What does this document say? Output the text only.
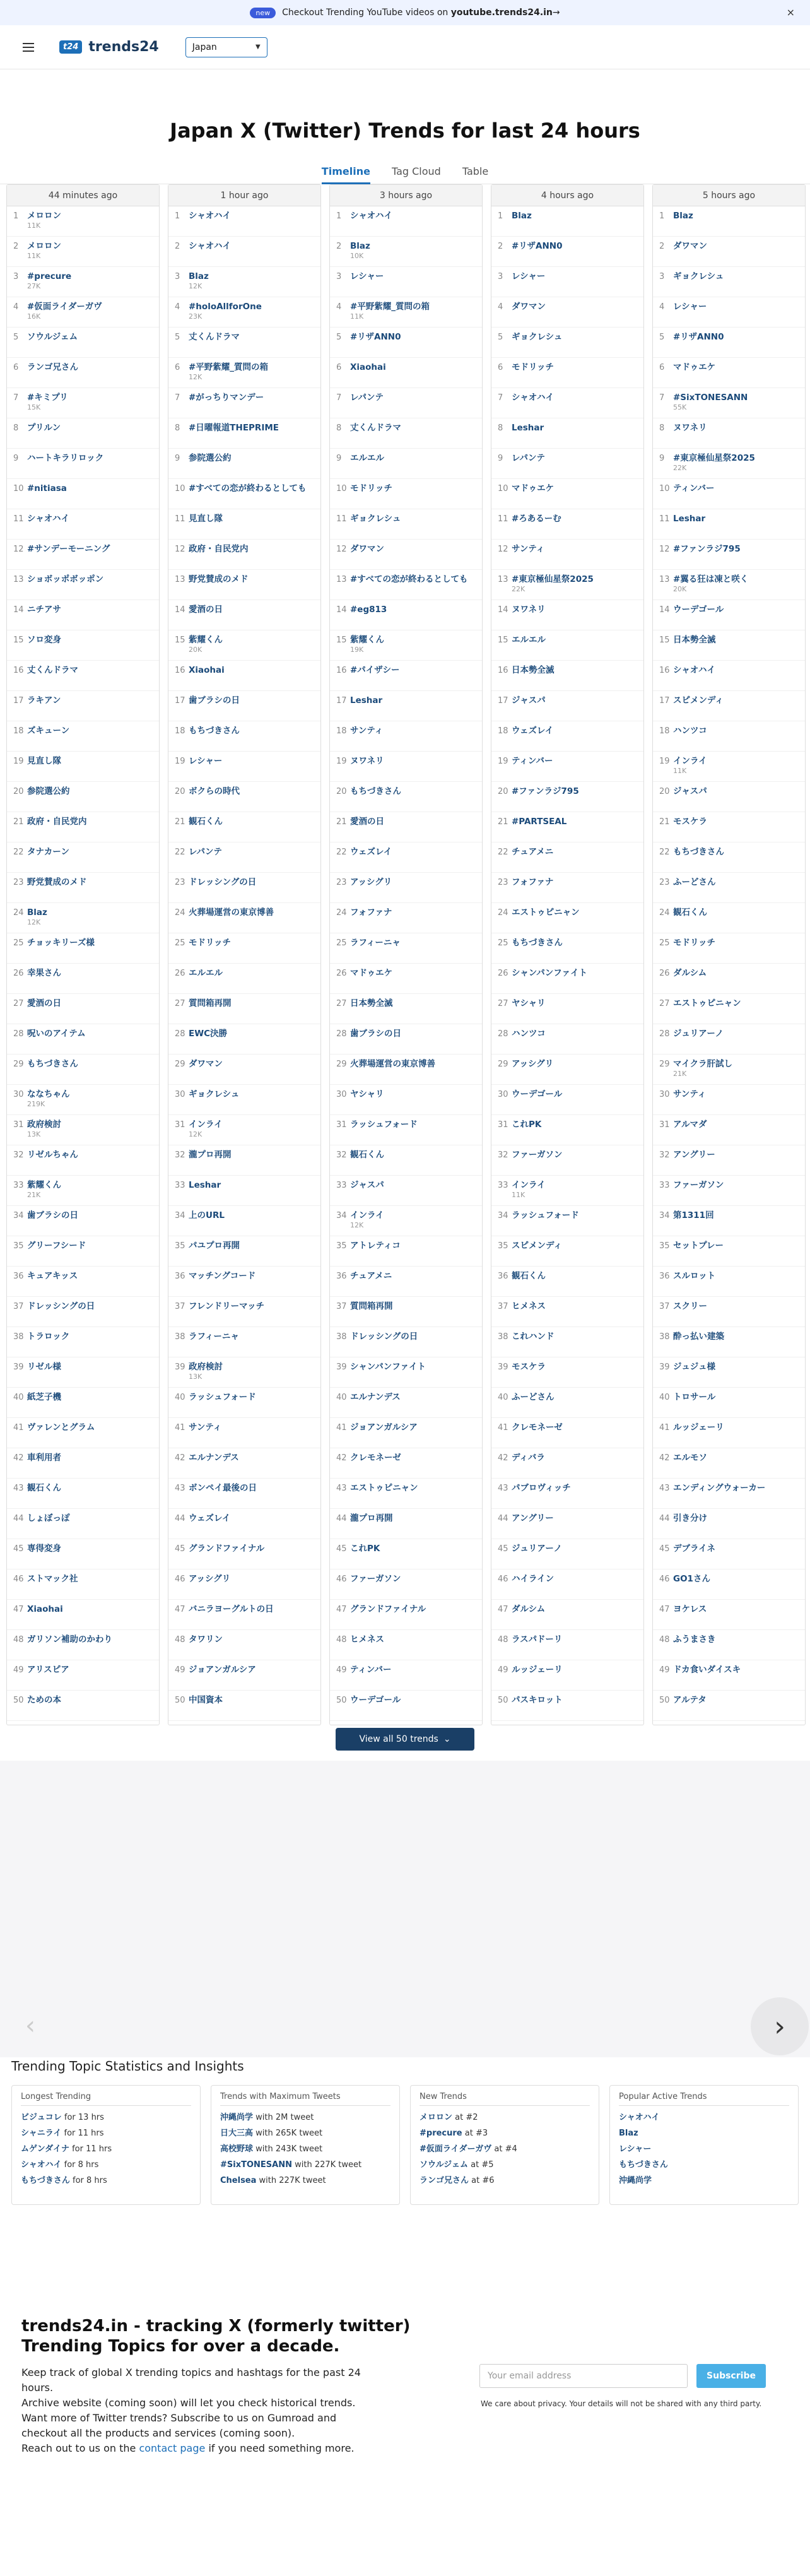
new	Checkout Trending YouTube videos on youtube.trends24.in→	×
t24 trends24	Japan	▼
Japan X (Twitter) Trends for last 24 hours
Timeline Tag Cloud Table
44 minutes ago
1	メロロン
11K
2	メロロン
11K
3	#precure
27K
4	#仮面ライダーガヴ
16K
5	ソウルジェム
6	ランゴ兄さん
7	#キミプリ
15K
8	プリルン
9	ハートキラリロック
10 #nitiasa
11 シャオハイ
12 #サンデーモーニング
13 ショボッポボッポン
14 ニチアサ
15 ソロ変身
16 丈くんドラマ
17 ラキアン
18 ズキューン
19 見直し隊
20 参院選公約
21 政府・自民党内
22 タナカーン
23 野党賛成のメド
24 Blaz
12K
25 チョッキリーズ様
26 幸果さん
27 愛酒の日
28 呪いのアイテム
29 もちづきさん
30 ななちゃん
219K
31 政府検討
13K
32 リゼルちゃん
33 紫耀くん
21K
34 歯ブラシの日
35 グリーフシード
36 キュアキッス
37 ドレッシングの日
38 トラロック
39 リゼル様
40 紙芝子機
41 ヴァレンとグラム
42 車利用者
43 観石くん
44 しょぼっぽ
45 専得変身
46 ストマック社
47 Xiaohai
48 ガリソン補助のかわり
49 アリスピア
50 ための本
1 hour ago
1	シャオハイ
2	シャオハイ
3	Blaz
12K
4	#holoAllforOne
23K
5	丈くんドラマ
6	#平野紫耀_質問の箱
12K
7	#がっちりマンデー
8	#日曜報道THEPRIME
9	参院選公約
10 #すべての恋が終わるとしても
11 見直し隊
12 政府・自民党内
13 野党賛成のメド
14 愛酒の日
15 紫耀くん
20K
16 Xiaohai
17 歯ブラシの日
18 もちづきさん
19 レシャー
20 ボクらの時代
21 観石くん
22 レパンテ
23 ドレッシングの日
24 火葬場運営の東京博善
25 モドリッチ
26 エルエル
27 質問箱再開
28 EWC決勝
29 ダワマン
30 ギョクレシュ
31 インライ
12K
32 瀧プロ再開
33 Leshar
34 上のURL
35 パユプロ再開
36 マッチングコード
37 フレンドリーマッチ
38 ラフィーニャ
39 政府検討
13K
40 ラッシュフォード
41 サンティ
42 エルナンデス
43 ボンペイ最後の日
44 ウェズレイ
45 グランドファイナル
46 アッシグリ
47 バニラヨーグルトの日
48 タワリン
49 ジョアンガルシア
50 中国資本
3 hours ago
1	シャオハイ
2	Blaz
10K
3	レシャー
4	#平野紫耀_質問の箱
11K
5	#リザANN0
6	Xiaohai
7	レパンテ
8	丈くんドラマ
9	エルエル
10 モドリッチ
11 ギョクレシュ
12 ダワマン
13 #すべての恋が終わるとしても
14 #eg813
15 紫耀くん
19K
16 #パイザシー
17 Leshar
18 サンティ
19 ヌワネリ
20 もちづきさん
21 愛酒の日
22 ウェズレイ
23 アッシグリ
24 フォファナ
25 ラフィーニャ
26 マドゥエケ
27 日本勢全滅
28 歯ブラシの日
29 火葬場運営の東京博善
30 ヤシャリ
31 ラッシュフォード
32 観石くん
33 ジャスパ
34 インライ
12K
35 アトレティコ
36 チュアメニ
37 質問箱再開
38 ドレッシングの日
39 シャンパンファイト
40 エルナンデス
41 ジョアンガルシア
42 クレモネーゼ
43 エストゥピニャン
44 瀧プロ再開
45 これPK
46 ファーガソン
47 グランドファイナル
48 ヒメネス
49 ティンバー
50 ウーデゴール
4 hours ago
1	Blaz
2	#リザANN0
3	レシャー
4	ダワマン
5	ギョクレシュ
6	モドリッチ
7	シャオハイ
8	Leshar
9	レパンテ
10 マドゥエケ
11 #ろあるーむ
12 サンティ
13 #東京極仙星祭2025
22K
14 ヌワネリ
15 エルエル
16 日本勢全滅
17 ジャスパ
18 ウェズレイ
19 ティンバー
20 #ファンラジ795
21 #PARTSEAL
22 チュアメニ
23 フォファナ
24 エストゥピニャン
25 もちづきさん
26 シャンパンファイト
27 ヤシャリ
28 ハンツコ
29 アッシグリ
30 ウーデゴール
31 これPK
32 ファーガソン
33 インライ
11K
34 ラッシュフォード
35 スピメンディ
36 観石くん
37 ヒメネス
38 これハンド
39 モスケラ
40 ふーどさん
41 クレモネーゼ
42 ディバラ
43 パブロヴィッチ
44 アングリー
45 ジュリアーノ
46 ハイライン
47 ダルシム
48 ラスパドーリ
49 ルッジェーリ
50 パスキロット
5 hours ago
1	Blaz
2	ダワマン
3	ギョクレシュ
4	レシャー
5	#リザANN0
6	マドゥエケ
7	#SixTONESANN
55K
8	ヌワネリ
9	#東京極仙星祭2025
22K
10 ティンバー
11 Leshar
12 #ファンラジ795
13 #翼る狂は凍と咲く
20K
14 ウーデゴール
15 日本勢全滅
16 シャオハイ
17 スピメンディ
18 ハンツコ
19 インライ
11K
20 ジャスパ
21 モスケラ
22 もちづきさん
23 ふーどさん
24 観石くん
25 モドリッチ
26 ダルシム
27 エストゥピニャン
28 ジュリアーノ
29 マイクラ肝試し
21K
30 サンティ
31 アルマダ
32 アングリー
33 ファーガソン
34 第1311回
35 セットプレー
36 スルロット
37 スクリー
38 酔っ払い建築
39 ジュジュ様
40 トロサール
41 ルッジェーリ
42 エルモソ
43 エンディングウォーカー
44 引き分け
45 デブライネ
46 GO1さん
47 ヨケレス
48 ふうまさき
49 ドカ食いダイスキ
50 アルテタ
View all 50 trends ⌄
‹	›
Trending Topic Statistics and Insights
Longest Trending
ビジュコレ for 13 hrs
シャニライ for 11 hrs
ムゲンダイナ for 11 hrs
シャオハイ for 8 hrs
もちづきさん for 8 hrs
Trends with Maximum Tweets
沖縄尚学 with 2M tweet
日大三高 with 265K tweet
高校野球 with 243K tweet
#SixTONESANN with 227K tweet
Chelsea with 227K tweet
New Trends
メロロン at #2
#precure at #3
#仮面ライダーガヴ at #4
ソウルジェム at #5
ランゴ兄さん at #6
Popular Active Trends
シャオハイ
Blaz
レシャー
もちづきさん
沖縄尚学
trends24.in - tracking X (formerly twitter) Trending Topics for over a decade.
Keep track of global X trending topics and hashtags for the past 24 hours.
Archive website (coming soon) will let you check historical trends.
Want more of Twitter trends? Subscribe to us on Gumroad and checkout all the products and services (coming soon).
Reach out to us on the contact page if you need something more.
Your email address	Subscribe
We care about privacy. Your details will not be shared with any third party.
